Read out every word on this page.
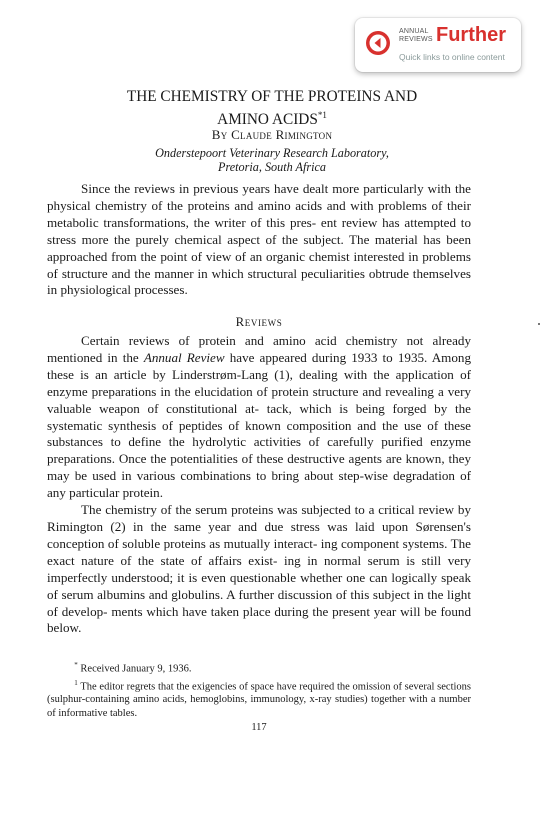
ANNUAL
REVIEWS Further
Quick links to online content
THE CHEMISTRY OF THE PROTEINS AND
AMINO ACIDS$^{*1}$
By Claude Rimington
Onderstepoort Veterinary Research Laboratory,
Pretoria, South Africa

Since the reviews in previous years have dealt more particularly with the physical chemistry of the proteins and amino acids and with problems of their metabolic transformations, the writer of this pres- ent review has attempted to stress more the purely chemical aspect of the subject. The material has been approached from the point of view of an organic chemist interested in problems of structure and the manner in which structural peculiarities obtrude themselves in physiological processes.

Reviews

Certain reviews of protein and amino acid chemistry not already mentioned in the Annual Review have appeared during 1933 to 1935. Among these is an article by Linderstrøm-Lang (1), dealing with the application of enzyme preparations in the elucidation of protein structure and revealing a very valuable weapon of constitutional at- tack, which is being forged by the systematic synthesis of peptides of known composition and the use of these substances to define the hydrolytic activities of carefully purified enzyme preparations. Once the potentialities of these destructive agents are known, they may be used in various combinations to bring about step-wise degradation of any particular protein.

The chemistry of the serum proteins was subjected to a critical review by Rimington (2) in the same year and due stress was laid upon Sørensen's conception of soluble proteins as mutually interact- ing component systems. The exact nature of the state of affairs exist- ing in normal serum is still very imperfectly understood; it is even questionable whether one can logically speak of serum albumins and globulins. A further discussion of this subject in the light of develop- ments which have taken place during the present year will be found below.

* Received January 9, 1936.

$^1$ The editor regrets that the exigencies of space have required the omission of several sections (sulphur-containing amino acids, hemoglobins, immunology, x-ray studies) together with a number of informative tables.

117
